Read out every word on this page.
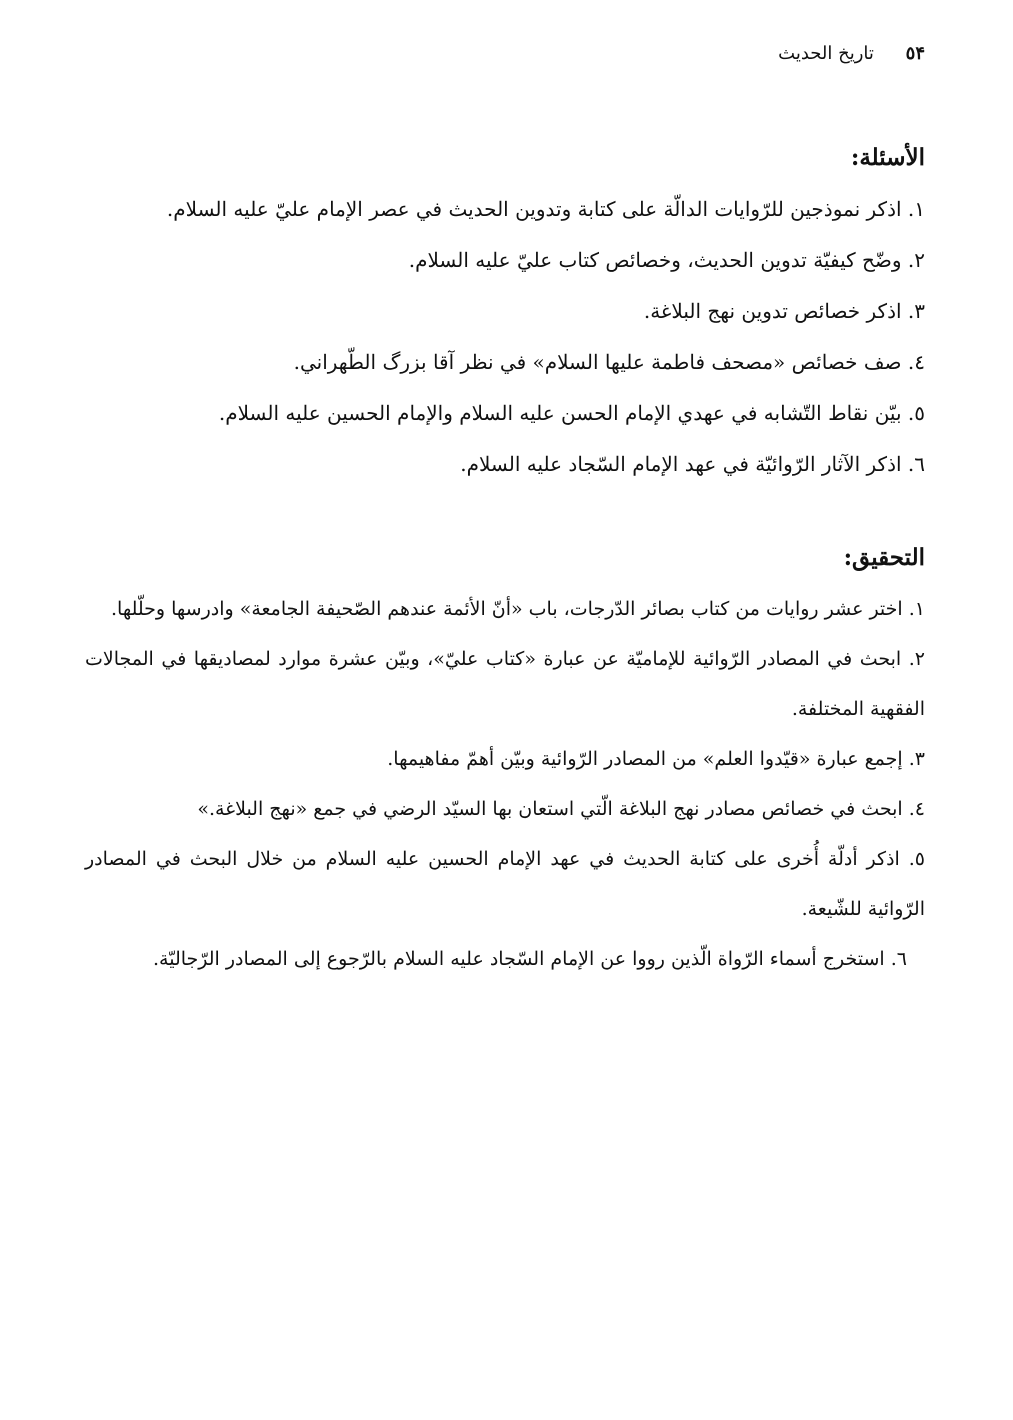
٥۴ تاريخ الحديث

الأسئلة:

١. اذكر نموذجين للرّوايات الدالّة على كتابة وتدوين الحديث في عصر الإمام عليّ عليه السلام.

٢. وضّح كيفيّة تدوين الحديث، وخصائص كتاب عليّ عليه السلام.

٣. اذكر خصائص تدوين نهج البلاغة.

٤. صف خصائص «مصحف فاطمة عليها السلام» في نظر آقا بزرگ الطّهراني.

٥. بيّن نقاط التّشابه في عهدي الإمام الحسن عليه السلام والإمام الحسين عليه السلام.

٦. اذكر الآثار الرّوائيّة في عهد الإمام السّجاد عليه السلام.

التحقيق:

١. اختر عشر روايات من كتاب بصائر الدّرجات، باب «أنّ الأئمة عندهم الصّحيفة الجامعة» وادرسها وحلّلها.

٢. ابحث في المصادر الرّوائية للإماميّة عن عبارة «كتاب عليّ»، وبيّن عشرة موارد لمصاديقها في المجالات الفقهية المختلفة.

٣. إجمع عبارة «قيّدوا العلم» من المصادر الرّوائية وبيّن أهمّ مفاهيمها.

٤. ابحث في خصائص مصادر نهج البلاغة الّتي استعان بها السيّد الرضي في جمع «نهج البلاغة.»

٥. اذكر أدلّة أُخرى على كتابة الحديث في عهد الإمام الحسين عليه السلام من خلال البحث في المصادر الرّوائية للشّيعة.

٦. استخرج أسماء الرّواة الّذين رووا عن الإمام السّجاد عليه السلام بالرّجوع إلى المصادر الرّجاليّة.
